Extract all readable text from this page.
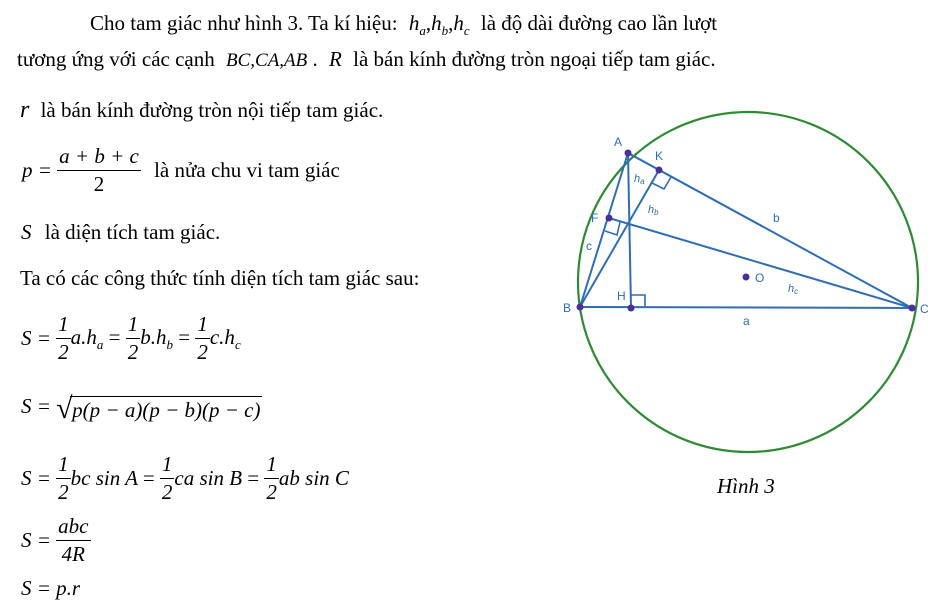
Cho tam giác như hình 3. Ta kí hiệu: $h_a,h_b,h_c$ là độ dài đường cao lần lượt
tương ứng với các cạnh BC,CA,AB . R là bán kính đường tròn ngoại tiếp tam giác.
r là bán kính đường tròn nội tiếp tam giác.
$p = \frac{a + b + c}{2}$ là nửa chu vi tam giác
S là diện tích tam giác.
Ta có các công thức tính diện tích tam giác sau:
$S = \frac{1}{2} a.h_a = \frac{1}{2} b.h_b = \frac{1}{2} c.h_c$
S = √ p(p − a)(p − b)(p − c)
$S = \frac{1}{2}$ bc $\sin A = \frac{1}{2}$ ca $\sin B = \frac{1}{2}$ ab sin C
$S = \frac{\text{abc}}{4R}$
S = p.r
A
B	C
K
F
H
O
a
b
c
ha
hb
hc
Hình 3
